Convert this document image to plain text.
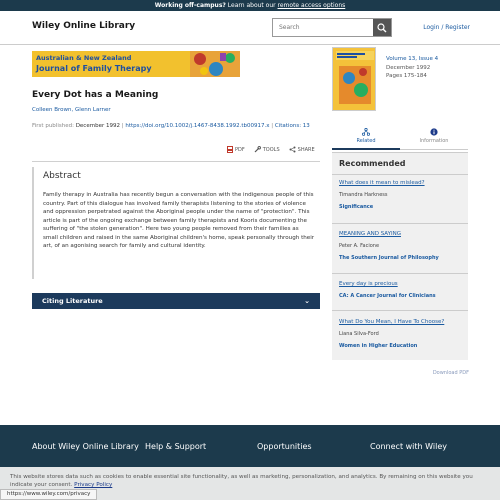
Working off-campus? Learn about our remote access options
Wiley Online Library
Search	Login / Register
Australian & New Zealand
Journal of Family Therapy
Every Dot has a Meaning
Colleen Brown, Glenn Larner
First published: December 1992 | https://doi.org/10.1002/j.1467-8438.1992.tb00917.x | Citations: 13
PDF	TOOLS	SHARE
Abstract

Family therapy in Australia has recently begun a conversation with the indigenous people of this country. Part of this dialogue has involved family therapists listening to the stories of violence and oppression perpetrated against the Aboriginal people under the name of "protection". This article is part of the ongoing exchange between family therapists and Kooris documenting the suffering of "the stolen generation". Here two young people removed from their families as small children and raised in the same Aboriginal children's home, speak personally through their art, of an agonising search for family and cultural identity.

Citing Literature	⌄
Volume 13, Issue 4
December 1992
Pages 175-184
Related	Information
Recommended
What does it mean to mislead?
Timandra Harkness
Significance
MEANING AND SAYING
Peter A. Facione
The Southern Journal of Philosophy
Every day is precious
CA: A Cancer Journal for Clinicians
What Do You Mean, I Have To Choose?
Liana Silva-Ford
Women in Higher Education
Download PDF
About Wiley Online Library Help & Support	Opportunities	Connect with Wiley

This website stores data such as cookies to enable essential site functionality, as well as marketing, personalization, and analytics. By remaining on this website you indicate your consent. Privacy Policy

https://www.wiley.com/privacy
